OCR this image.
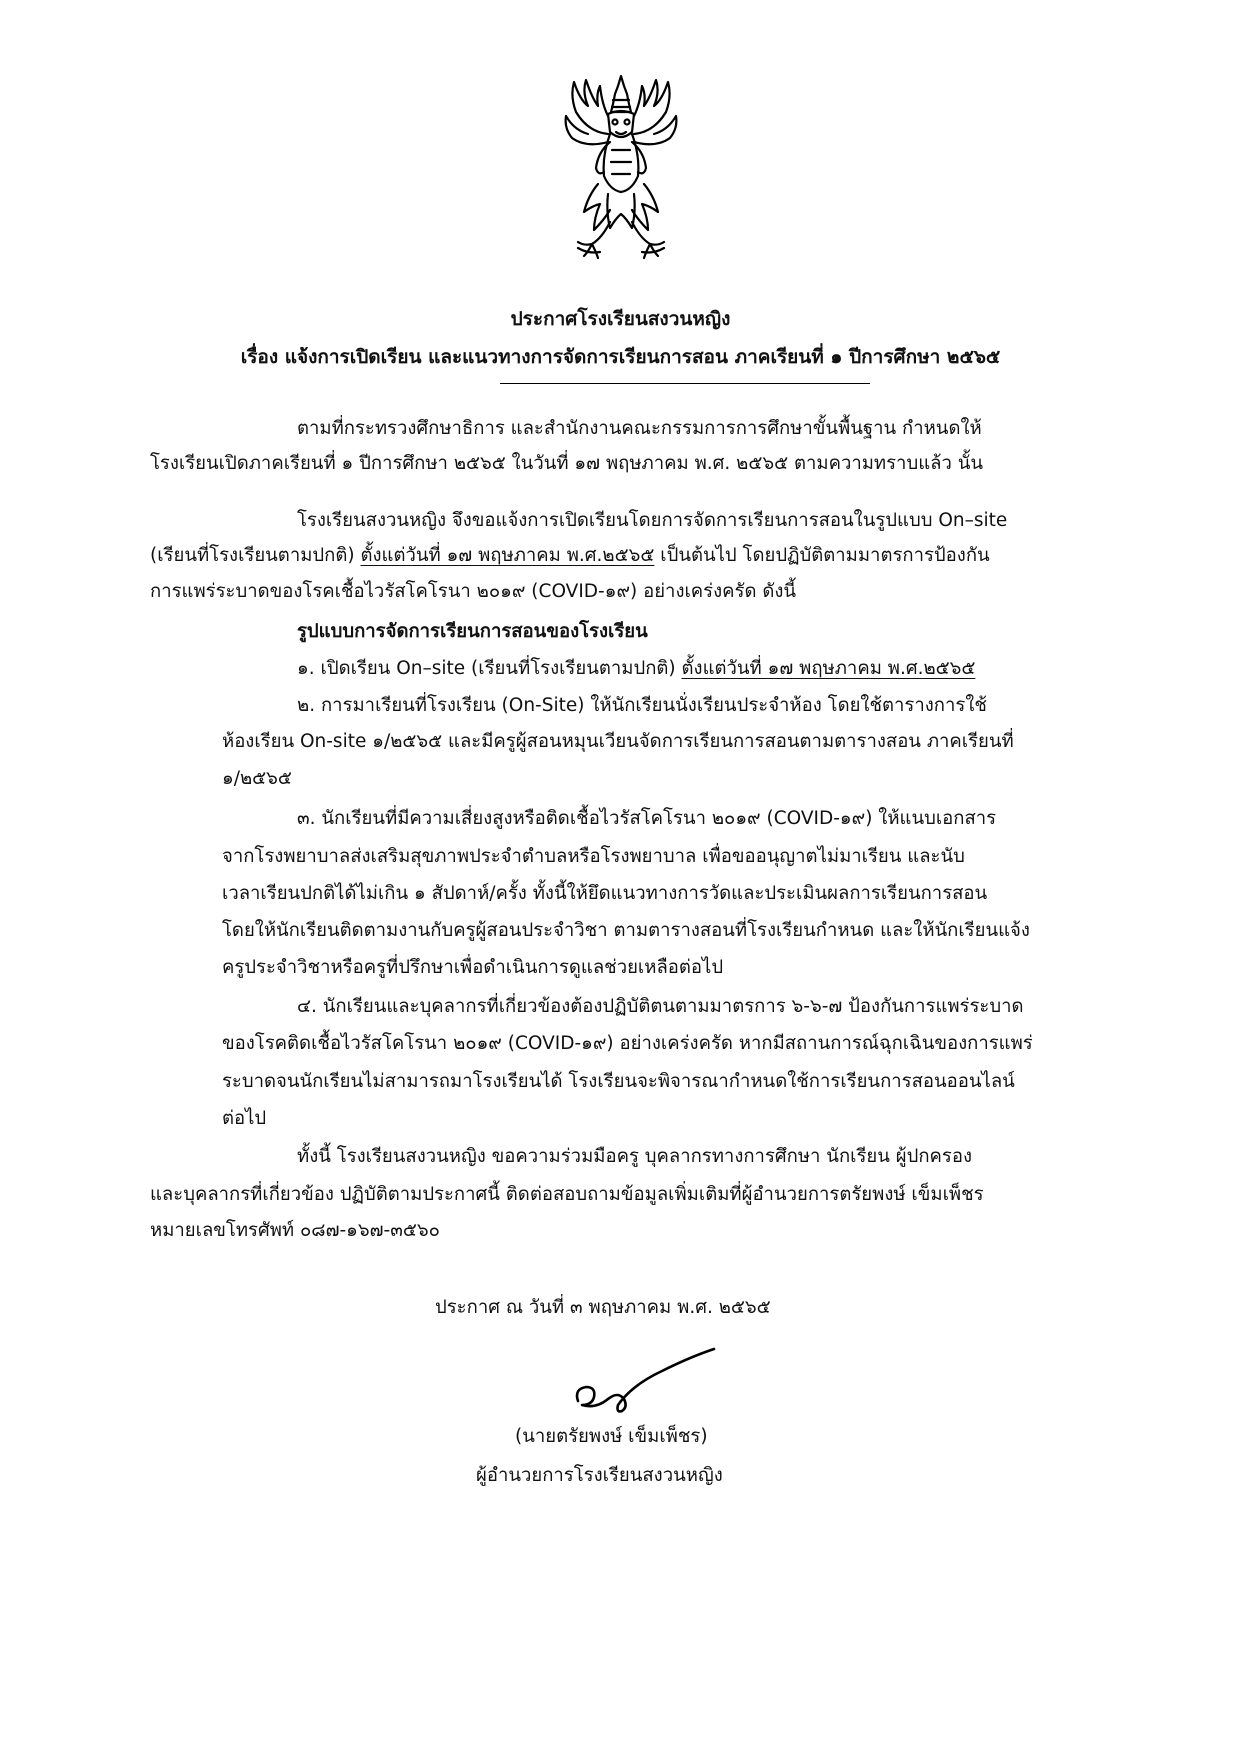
ประกาศโรงเรียนสงวนหญิง
เรื่อง แจ้งการเปิดเรียน และแนวทางการจัดการเรียนการสอน ภาคเรียนที่ ๑ ปีการศึกษา ๒๕๖๕
ตามที่กระทรวงศึกษาธิการ และสำนักงานคณะกรรมการการศึกษาขั้นพื้นฐาน กำหนดให้
โรงเรียนเปิดภาคเรียนที่ ๑ ปีการศึกษา ๒๕๖๕ ในวันที่ ๑๗ พฤษภาคม พ.ศ. ๒๕๖๕ ตามความทราบแล้ว นั้น
โรงเรียนสงวนหญิง จึงขอแจ้งการเปิดเรียนโดยการจัดการเรียนการสอนในรูปแบบ On–site
(เรียนที่โรงเรียนตามปกติ) ตั้งแต่วันที่ ๑๗ พฤษภาคม พ.ศ.๒๕๖๕ เป็นต้นไป โดยปฏิบัติตามมาตรการป้องกัน
การแพร่ระบาดของโรคเชื้อไวรัสโคโรนา ๒๐๑๙ (COVID-๑๙) อย่างเคร่งครัด ดังนี้
รูปแบบการจัดการเรียนการสอนของโรงเรียน
๑. เปิดเรียน On–site (เรียนที่โรงเรียนตามปกติ) ตั้งแต่วันที่ ๑๗ พฤษภาคม พ.ศ.๒๕๖๕
๒. การมาเรียนที่โรงเรียน (On-Site) ให้นักเรียนนั่งเรียนประจำห้อง โดยใช้ตารางการใช้
ห้องเรียน On-site ๑/๒๕๖๕ และมีครูผู้สอนหมุนเวียนจัดการเรียนการสอนตามตารางสอน ภาคเรียนที่
๑/๒๕๖๕
๓. นักเรียนที่มีความเสี่ยงสูงหรือติดเชื้อไวรัสโคโรนา ๒๐๑๙ (COVID-๑๙) ให้แนบเอกสาร
จากโรงพยาบาลส่งเสริมสุขภาพประจำตำบลหรือโรงพยาบาล เพื่อขออนุญาตไม่มาเรียน และนับ
เวลาเรียนปกติได้ไม่เกิน ๑ สัปดาห์/ครั้ง ทั้งนี้ให้ยึดแนวทางการวัดและประเมินผลการเรียนการสอน
โดยให้นักเรียนติดตามงานกับครูผู้สอนประจำวิชา ตามตารางสอนที่โรงเรียนกำหนด และให้นักเรียนแจ้ง
ครูประจำวิชาหรือครูที่ปรึกษาเพื่อดำเนินการดูแลช่วยเหลือต่อไป
๔. นักเรียนและบุคลากรที่เกี่ยวข้องต้องปฏิบัติตนตามมาตรการ ๖-๖-๗ ป้องกันการแพร่ระบาด
ของโรคติดเชื้อไวรัสโคโรนา ๒๐๑๙ (COVID-๑๙) อย่างเคร่งครัด หากมีสถานการณ์ฉุกเฉินของการแพร่
ระบาดจนนักเรียนไม่สามารถมาโรงเรียนได้ โรงเรียนจะพิจารณากำหนดใช้การเรียนการสอนออนไลน์
ต่อไป
ทั้งนี้ โรงเรียนสงวนหญิง ขอความร่วมมือครู บุคลากรทางการศึกษา นักเรียน ผู้ปกครอง
และบุคลากรที่เกี่ยวข้อง ปฏิบัติตามประกาศนี้ ติดต่อสอบถามข้อมูลเพิ่มเติมที่ผู้อำนวยการตรัยพงษ์ เข็มเพ็ชร
หมายเลขโทรศัพท์ ๐๘๗-๑๖๗-๓๕๖๐
ประกาศ ณ วันที่ ๓ พฤษภาคม พ.ศ. ๒๕๖๕
(นายตรัยพงษ์ เข็มเพ็ชร)
ผู้อำนวยการโรงเรียนสงวนหญิง
